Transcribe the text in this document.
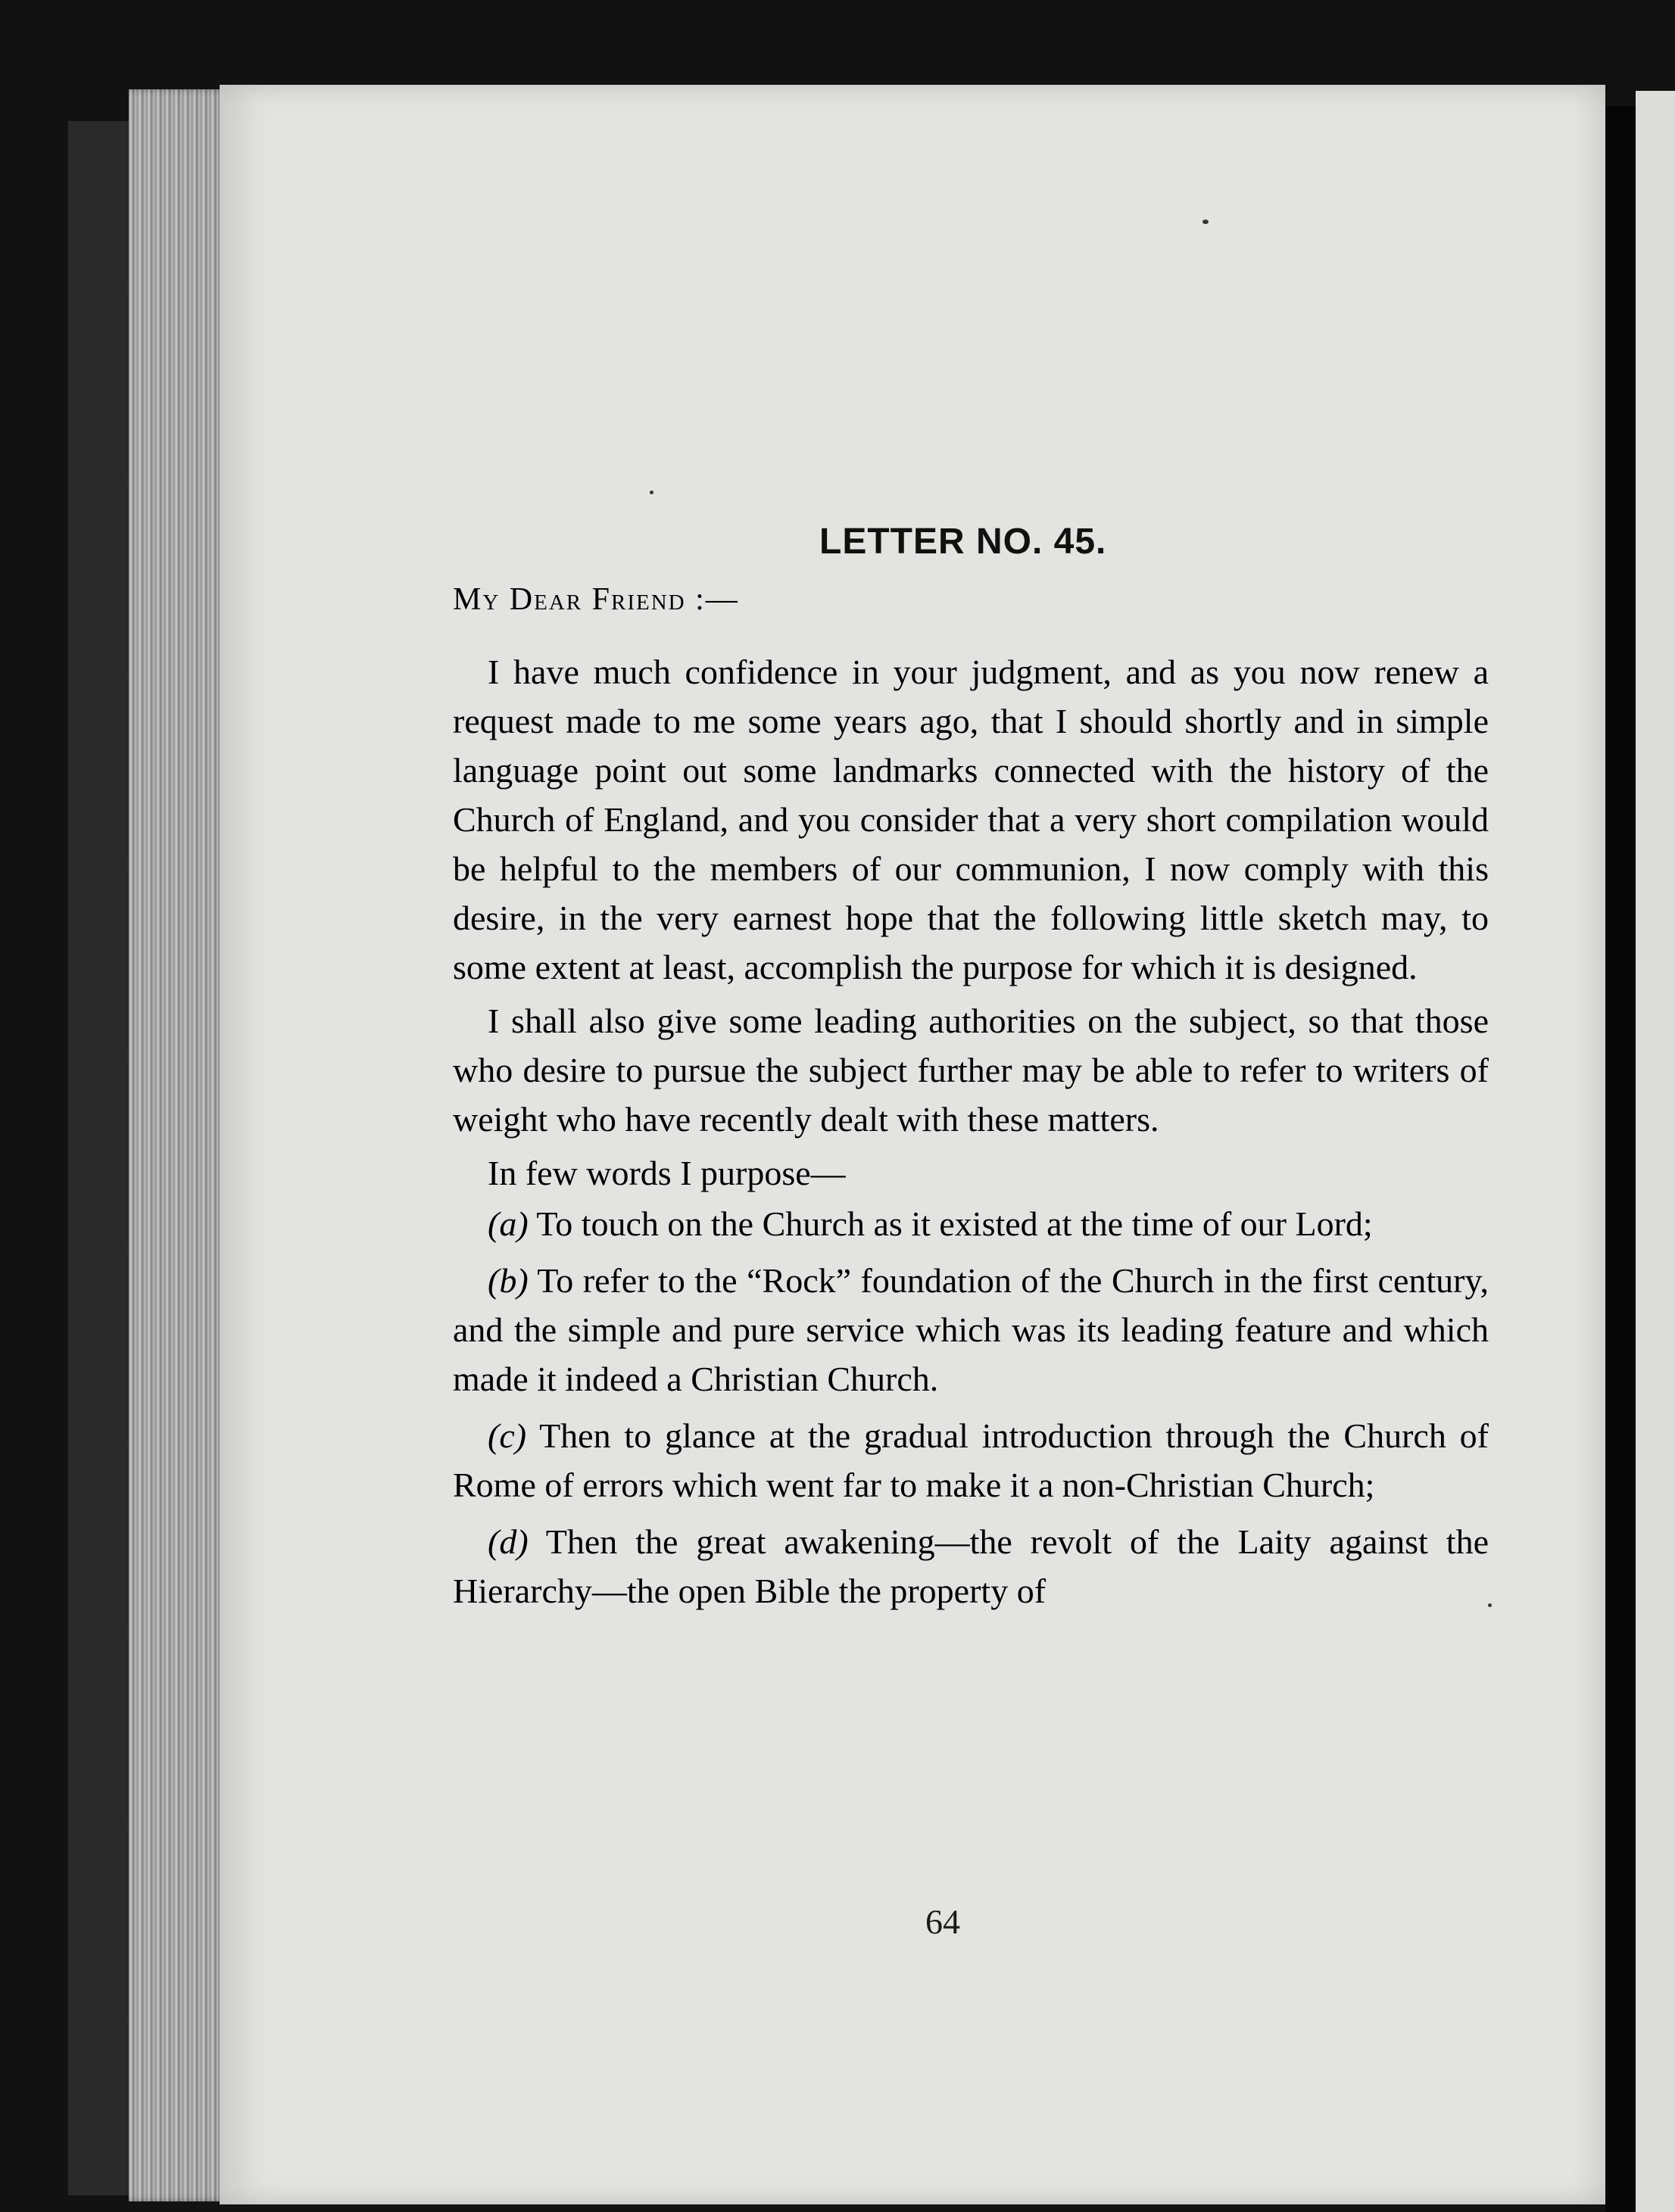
LETTER NO. 45.
My Dear Friend :—

I have much confidence in your judgment, and as you now renew a request made to me some years ago, that I should shortly and in simple language point out some landmarks connected with the history of the Church of England, and you consider that a very short compilation would be helpful to the members of our communion, I now comply with this desire, in the very earnest hope that the following little sketch may, to some extent at least, accomplish the purpose for which it is designed.

I shall also give some leading authorities on the subject, so that those who desire to pursue the subject further may be able to refer to writers of weight who have recently dealt with these matters.

In few words I purpose—

(a) To touch on the Church as it existed at the time of our Lord;

(b) To refer to the “Rock” foundation of the Church in the first century, and the simple and pure service which was its leading feature and which made it indeed a Christian Church.

(c) Then to glance at the gradual introduction through the Church of Rome of errors which went far to make it a non-Christian Church;

(d) Then the great awakening—the revolt of the Laity against the Hierarchy—the open Bible the property of

64
